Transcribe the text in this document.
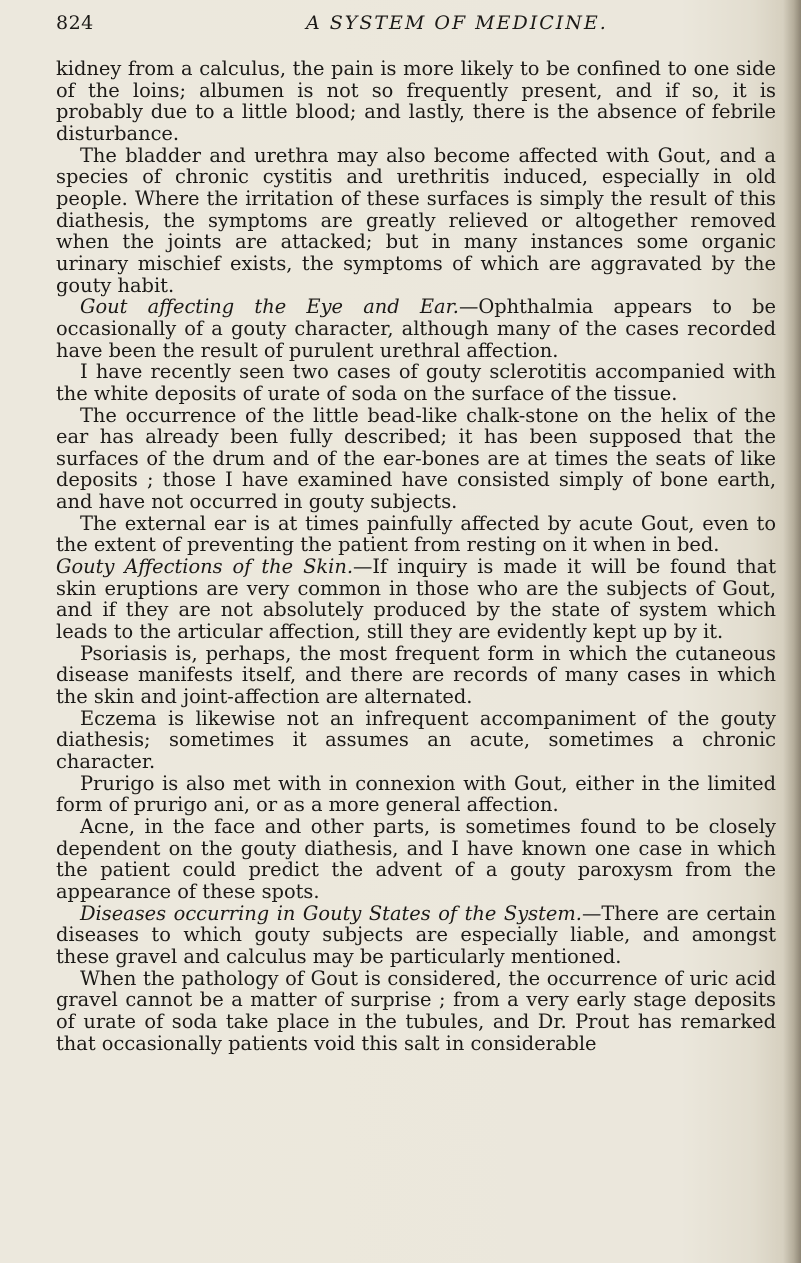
824	A SYSTEM OF MEDICINE.

kidney from a calculus, the pain is more likely to be confined to one side of the loins; albumen is not so frequently present, and if so, it is probably due to a little blood; and lastly, there is the absence of febrile disturbance.

The bladder and urethra may also become affected with Gout, and a species of chronic cystitis and urethritis induced, especially in old people. Where the irritation of these surfaces is simply the result of this diathesis, the symptoms are greatly relieved or altogether removed when the joints are attacked; but in many instances some organic urinary mischief exists, the symptoms of which are aggravated by the gouty habit.

Gout affecting the Eye and Ear.—Ophthalmia appears to be occasionally of a gouty character, although many of the cases recorded have been the result of purulent urethral affection.

I have recently seen two cases of gouty sclerotitis accompanied with the white deposits of urate of soda on the surface of the tissue.

The occurrence of the little bead-like chalk-stone on the helix of the ear has already been fully described; it has been supposed that the surfaces of the drum and of the ear-bones are at times the seats of like deposits ; those I have examined have consisted simply of bone earth, and have not occurred in gouty subjects.

The external ear is at times painfully affected by acute Gout, even to the extent of preventing the patient from resting on it when in bed.

Gouty Affections of the Skin.—If inquiry is made it will be found that skin eruptions are very common in those who are the subjects of Gout, and if they are not absolutely produced by the state of system which leads to the articular affection, still they are evidently kept up by it.

Psoriasis is, perhaps, the most frequent form in which the cutaneous disease manifests itself, and there are records of many cases in which the skin and joint-affection are alternated.

Eczema is likewise not an infrequent accompaniment of the gouty diathesis; sometimes it assumes an acute, sometimes a chronic character.

Prurigo is also met with in connexion with Gout, either in the limited form of prurigo ani, or as a more general affection.

Acne, in the face and other parts, is sometimes found to be closely dependent on the gouty diathesis, and I have known one case in which the patient could predict the advent of a gouty paroxysm from the appearance of these spots.

Diseases occurring in Gouty States of the System.—There are certain diseases to which gouty subjects are especially liable, and amongst these gravel and calculus may be particularly mentioned.

When the pathology of Gout is considered, the occurrence of uric acid gravel cannot be a matter of surprise ; from a very early stage deposits of urate of soda take place in the tubules, and Dr. Prout has remarked that occasionally patients void this salt in considerable
